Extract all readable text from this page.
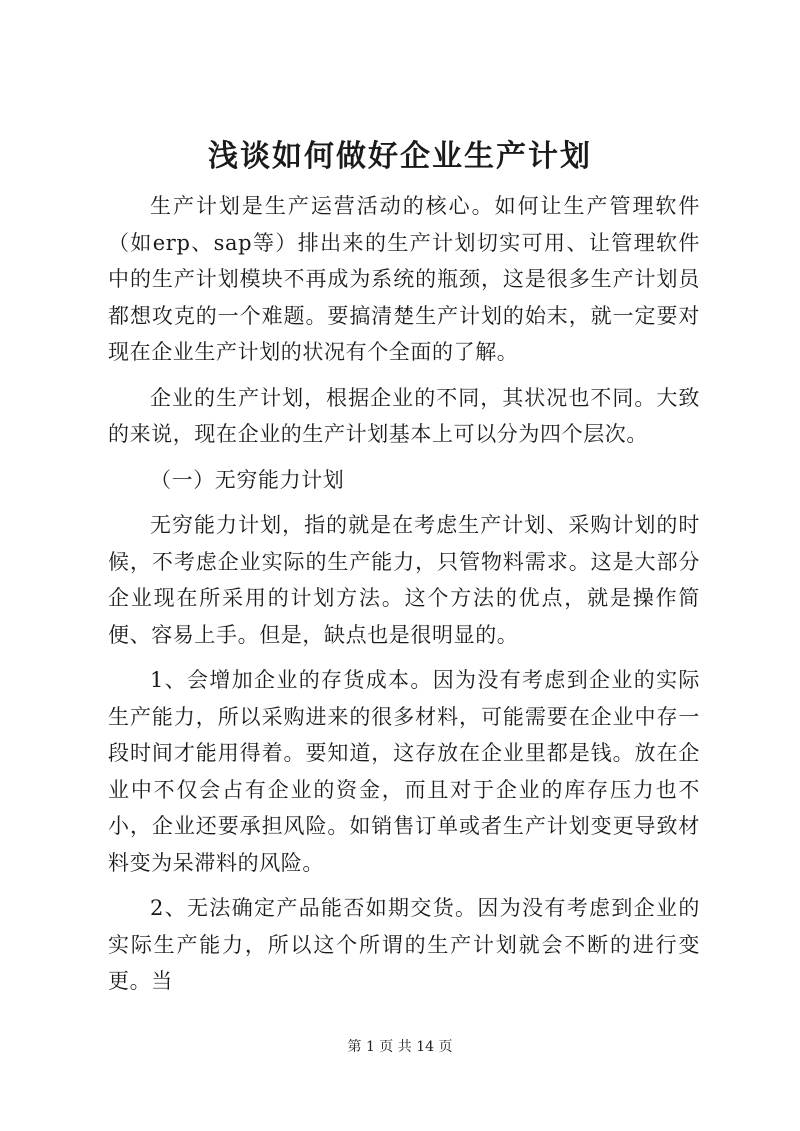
浅谈如何做好企业生产计划

生产计划是生产运营活动的核心。如何让生产管理软件（如erp、sap等）排出来的生产计划切实可用、让管理软件中的生产计划模块不再成为系统的瓶颈，这是很多生产计划员都想攻克的一个难题。要搞清楚生产计划的始末，就一定要对现在企业生产计划的状况有个全面的了解。

企业的生产计划，根据企业的不同，其状况也不同。大致的来说，现在企业的生产计划基本上可以分为四个层次。

（一）无穷能力计划

无穷能力计划，指的就是在考虑生产计划、采购计划的时候，不考虑企业实际的生产能力，只管物料需求。这是大部分企业现在所采用的计划方法。这个方法的优点，就是操作简便、容易上手。但是，缺点也是很明显的。

1、会增加企业的存货成本。因为没有考虑到企业的实际生产能力，所以采购进来的很多材料，可能需要在企业中存一段时间才能用得着。要知道，这存放在企业里都是钱。放在企业中不仅会占有企业的资金，而且对于企业的库存压力也不小，企业还要承担风险。如销售订单或者生产计划变更导致材料变为呆滞料的风险。

2、无法确定产品能否如期交货。因为没有考虑到企业的实际生产能力，所以这个所谓的生产计划就会不断的进行变更。当

第 1 页 共 14 页
